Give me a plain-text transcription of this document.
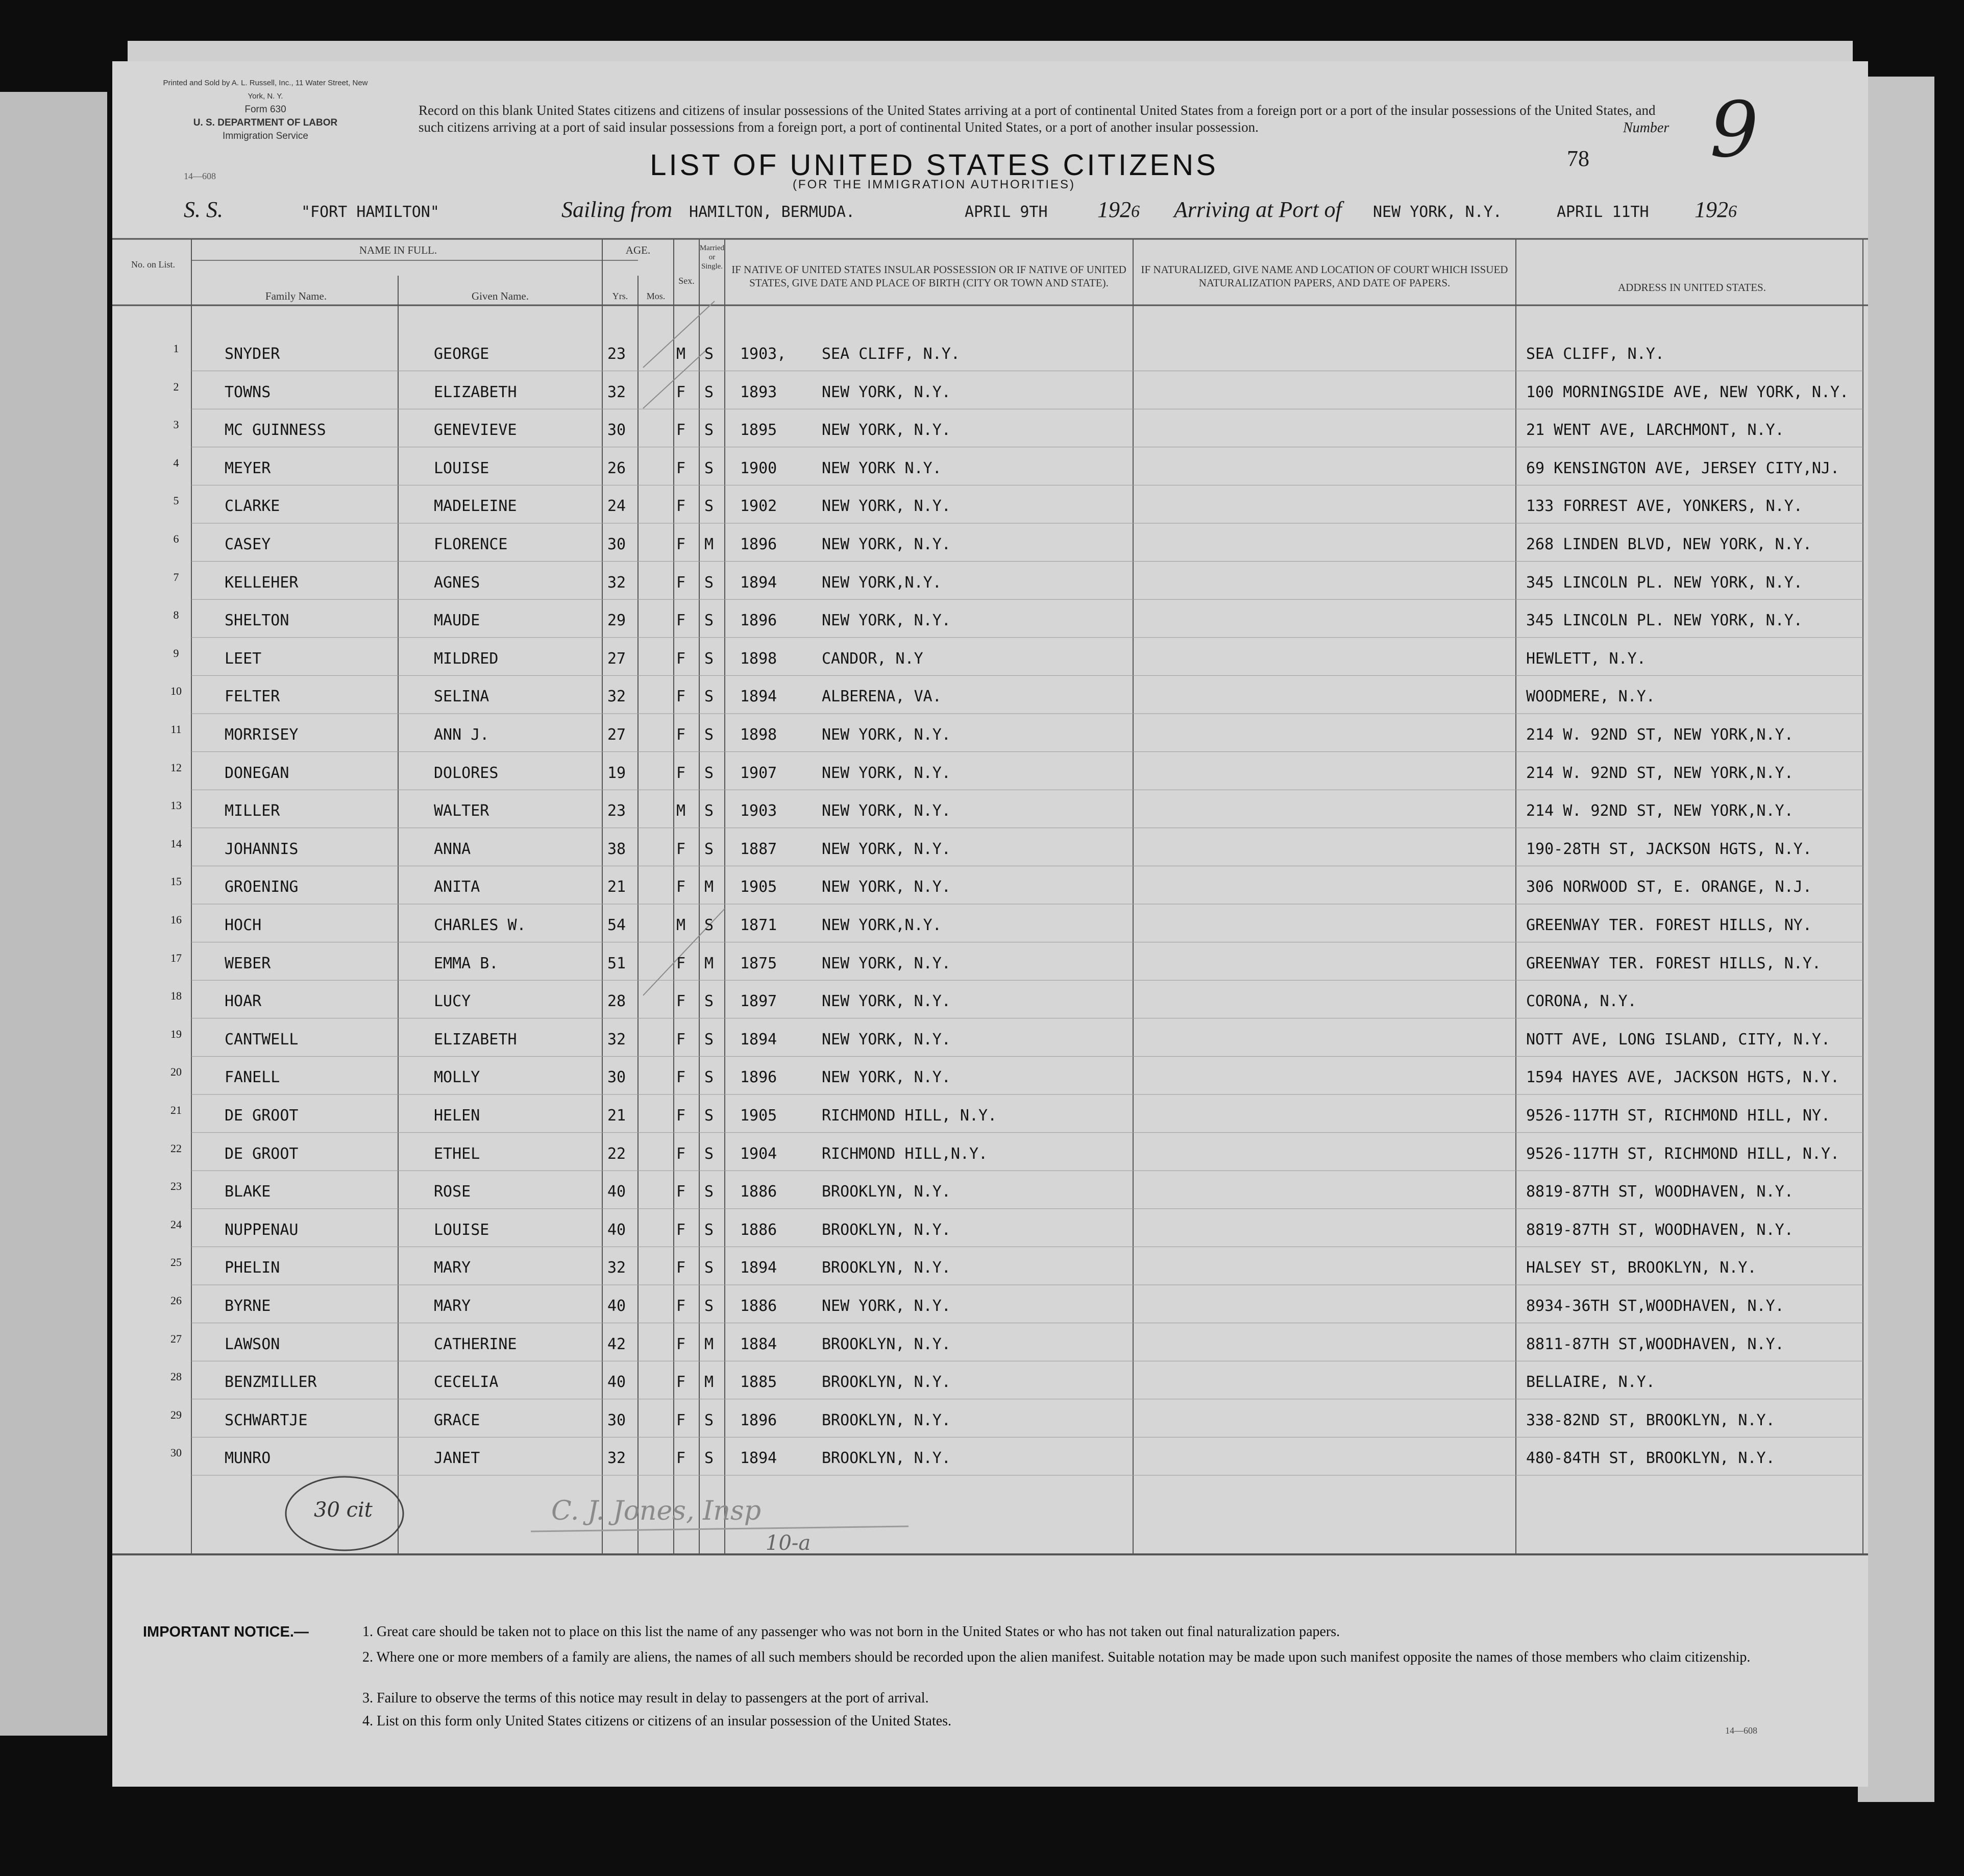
Printed and Sold by A. L. Russell, Inc., 11 Water Street, New York, N. Y.
Form 630
U. S. DEPARTMENT OF LABOR
Immigration Service
14—608
Record on this blank United States citizens and citizens of insular possessions of the United States arriving at a port of continental United States from a foreign port or a port of the insular possessions of the United States, and such citizens arriving at a port of said insular possessions from a foreign port, a port of continental United States, or a port of another insular possession.
LIST OF UNITED STATES CITIZENS
(FOR THE IMMIGRATION AUTHORITIES)
Number 9
78
S. S.	"FORT HAMILTON"	Sailing from HAMILTON, BERMUDA.	APRIL 9TH 1926 Arriving at Port of NEW YORK, N.Y.	APRIL 11TH 1926
No. on List.
NAME IN FULL.
Family Name.	Given Name.
AGE.
Yrs.	Mos.
Sex.
Married or Single. IF NATIVE OF UNITED STATES INSULAR POSSESSION OR IF NATIVE OF UNITED STATES, GIVE DATE AND PLACE OF BIRTH (CITY OR TOWN AND STATE).
IF NATURALIZED, GIVE NAME AND LOCATION OF COURT WHICH ISSUED NATURALIZATION PAPERS, AND DATE OF PAPERS.	ADDRESS IN UNITED STATES.
1	SNYDER	GEORGE	23	M S 1903, SEA CLIFF, N.Y.	SEA CLIFF, N.Y.
2	TOWNS	ELIZABETH	32	F S 1893	NEW YORK, N.Y.	100 MORNINGSIDE AVE, NEW YORK, N.Y.
3	MC GUINNESS	GENEVIEVE	30	F S 1895	NEW YORK, N.Y.	21 WENT AVE, LARCHMONT, N.Y.
4	MEYER	LOUISE	26	F S 1900	NEW YORK N.Y.	69 KENSINGTON AVE, JERSEY CITY,NJ.
5	CLARKE	MADELEINE	24	F S 1902	NEW YORK, N.Y.	133 FORREST AVE, YONKERS, N.Y.
6	CASEY	FLORENCE	30	F M 1896	NEW YORK, N.Y.	268 LINDEN BLVD, NEW YORK, N.Y.
7	KELLEHER	AGNES	32	F S 1894	NEW YORK,N.Y.	345 LINCOLN PL. NEW YORK, N.Y.
8	SHELTON	MAUDE	29	F S 1896	NEW YORK, N.Y.	345 LINCOLN PL. NEW YORK, N.Y.
9	LEET	MILDRED	27	F S 1898	CANDOR, N.Y	HEWLETT, N.Y.
10	FELTER	SELINA	32	F S 1894	ALBERENA, VA.	WOODMERE, N.Y.
11	MORRISEY	ANN J.	27	F S 1898	NEW YORK, N.Y.	214 W. 92ND ST, NEW YORK,N.Y.
12	DONEGAN	DOLORES	19	F S 1907	NEW YORK, N.Y.	214 W. 92ND ST, NEW YORK,N.Y.
13	MILLER	WALTER	23	M S 1903	NEW YORK, N.Y.	214 W. 92ND ST, NEW YORK,N.Y.
14	JOHANNIS	ANNA	38	F S 1887	NEW YORK, N.Y.	190-28TH ST, JACKSON HGTS, N.Y.
15	GROENING	ANITA	21	F M 1905	NEW YORK, N.Y.	306 NORWOOD ST, E. ORANGE, N.J.
16	HOCH	CHARLES W.	54	M S 1871	NEW YORK,N.Y.	GREENWAY TER. FOREST HILLS, NY.
17	WEBER	EMMA B.	51	F M 1875	NEW YORK, N.Y.	GREENWAY TER. FOREST HILLS, N.Y.
18	HOAR	LUCY	28	F S 1897	NEW YORK, N.Y.	CORONA, N.Y.
19	CANTWELL	ELIZABETH	32	F S 1894	NEW YORK, N.Y.	NOTT AVE, LONG ISLAND, CITY, N.Y.
20	FANELL	MOLLY	30	F S 1896	NEW YORK, N.Y.	1594 HAYES AVE, JACKSON HGTS, N.Y.
21	DE GROOT	HELEN	21	F S 1905	RICHMOND HILL, N.Y.	9526-117TH ST, RICHMOND HILL, NY.
22	DE GROOT	ETHEL	22	F S 1904	RICHMOND HILL,N.Y.	9526-117TH ST, RICHMOND HILL, N.Y.
23	BLAKE	ROSE	40	F S 1886	BROOKLYN, N.Y.	8819-87TH ST, WOODHAVEN, N.Y.
24	NUPPENAU	LOUISE	40	F S 1886	BROOKLYN, N.Y.	8819-87TH ST, WOODHAVEN, N.Y.
25	PHELIN	MARY	32	F S 1894	BROOKLYN, N.Y.	HALSEY ST, BROOKLYN, N.Y.
26	BYRNE	MARY	40	F S 1886	NEW YORK, N.Y.	8934-36TH ST,WOODHAVEN, N.Y.
27	LAWSON	CATHERINE	42	F M 1884	BROOKLYN, N.Y.	8811-87TH ST,WOODHAVEN, N.Y.
28	BENZMILLER	CECELIA	40	F M 1885	BROOKLYN, N.Y.	BELLAIRE, N.Y.
29	SCHWARTJE	GRACE	30	F S 1896	BROOKLYN, N.Y.	338-82ND ST, BROOKLYN, N.Y.
30	MUNRO	JANET	32	F S 1894	BROOKLYN, N.Y.	480-84TH ST, BROOKLYN, N.Y.
30 cit	C. J. Jones, Insp
10-a
IMPORTANT NOTICE.—	1. Great care should be taken not to place on this list the name of any passenger who was not born in the United States or who has not taken out final naturalization papers.
2. Where one or more members of a family are aliens, the names of all such members should be recorded upon the alien manifest. Suitable notation may be made upon such manifest opposite the names of those members who claim citizenship.
3. Failure to observe the terms of this notice may result in delay to passengers at the port of arrival.
4. List on this form only United States citizens or citizens of an insular possession of the United States.
14—608
